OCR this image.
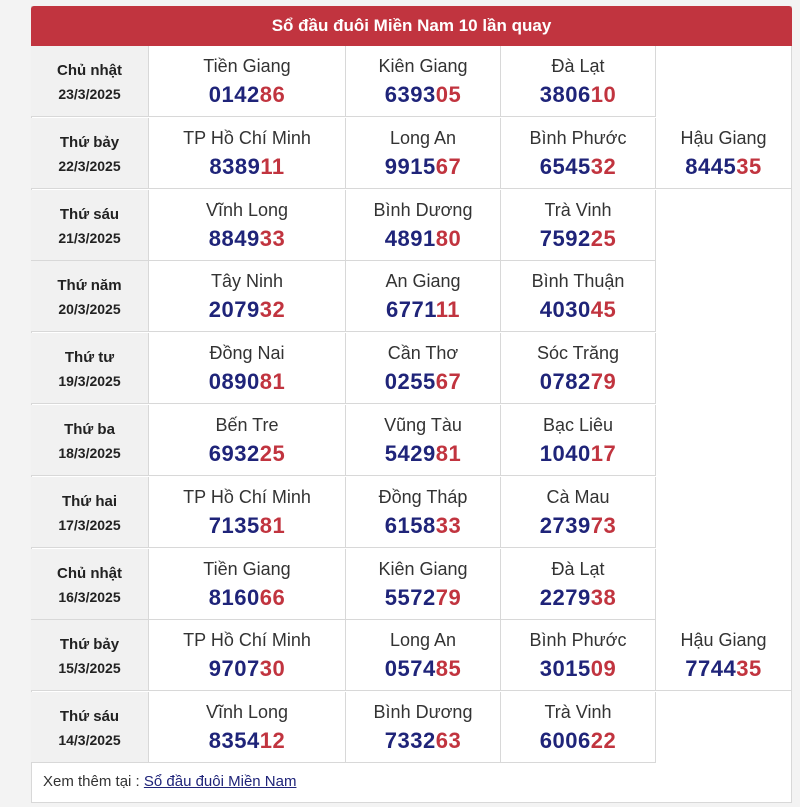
Sổ đầu đuôi Miền Nam 10 lần quay
Chủ nhật
23/3/2025
Tiền Giang
014286
Kiên Giang
639305
Đà Lạt
380610
Thứ bảy
22/3/2025
TP Hồ Chí Minh
838911
Long An
991567
Bình Phước
654532
Hậu Giang
844535
Thứ sáu
21/3/2025
Vĩnh Long
884933
Bình Dương
489180
Trà Vinh
759225
Thứ năm
20/3/2025
Tây Ninh
207932
An Giang
677111
Bình Thuận
403045
Thứ tư
19/3/2025
Đồng Nai
089081
Cần Thơ
025567
Sóc Trăng
078279
Thứ ba
18/3/2025
Bến Tre
693225
Vũng Tàu
542981
Bạc Liêu
104017
Thứ hai
17/3/2025
TP Hồ Chí Minh
713581
Đồng Tháp
615833
Cà Mau
273973
Chủ nhật
16/3/2025
Tiền Giang
816066
Kiên Giang
557279
Đà Lạt
227938
Thứ bảy
15/3/2025
TP Hồ Chí Minh
970730
Long An
057485
Bình Phước
301509
Hậu Giang
774435
Thứ sáu
14/3/2025
Vĩnh Long
835412
Bình Dương
733263
Trà Vinh
600622
Xem thêm tại : Sổ đầu đuôi Miền Nam
